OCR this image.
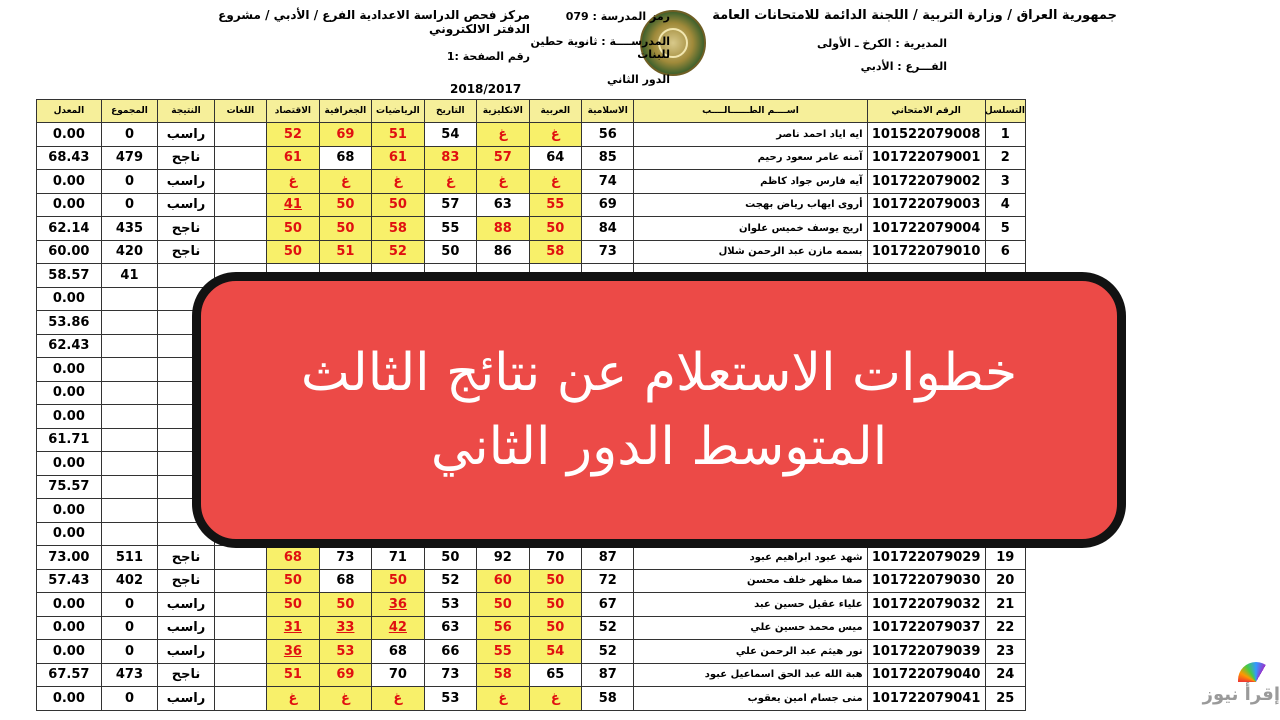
جمهورية العراق / وزارة التربية / اللجنة الدائمة للامتحانات العامة
المديرية : الكرخ ـ الأولى
الفـــرع : الأدبي
رمز المدرسة : 079
المدرســــة : ثانوية حطين للبنات
الدور الثاني
مركز فحص الدراسة الاعدادية الفرع / الأدبي / مشروع الدفتر الالكتروني
رقم الصفحة :1
2018/2017
التسلسل	الرقم الامتحاني	اســــم الطــــــالــــب	الاسلامية	العربية	الانكليزية	التاريخ	الرياضيات	الجغرافية	الاقتصاد	اللغات	النتيجة	المجموع	المعدل
1	101522079008	ايه اياد احمد ناصر	56	غ	غ	54	51	69	52		راسب	0	0.00
2	101722079001	آمنه عامر سعود رحيم	85	64	57	83	61	68	61		ناجح	479	68.43
3	101722079002	آيه فارس جواد كاظم	74	غ	غ	غ	غ	غ	غ		راسب	0	0.00
4	101722079003	أروى ايهاب رياض بهجت	69	55	63	57	50	50	41		راسب	0	0.00
5	101722079004	اريج يوسف خميس علوان	84	50	88	55	58	50	50		ناجح	435	62.14
6	101722079010	بسمه مازن عبد الرحمن شلال	73	58	86	50	52	51	50		ناجح	420	60.00
												41	58.57
													0.00
													53.86
													62.43
													0.00
													0.00
													0.00
													61.71
													0.00
													75.57
													0.00
													0.00
19	101722079029	شهد عبود ابراهيم عبود	87	70	92	50	71	73	68		ناجح	511	73.00
20	101722079030	صفا مظهر خلف محسن	72	50	60	52	50	68	50		ناجح	402	57.43
21	101722079032	علياء عقيل حسين عبد	67	50	50	53	36	50	50		راسب	0	0.00
22	101722079037	ميس محمد حسين علي	52	50	56	63	42	33	31		راسب	0	0.00
23	101722079039	نور هيثم عبد الرحمن علي	52	54	55	66	68	53	36		راسب	0	0.00
24	101722079040	هبة الله عبد الحق اسماعيل عبود	87	65	58	73	70	69	51		ناجح	473	67.57
25	101722079041	منى جسام امين يعقوب	58	غ	غ	53	غ	غ	غ		راسب	0	0.00
خطوات الاستعلام عن نتائج الثالث
المتوسط الدور الثاني
إقرأ نيوز
